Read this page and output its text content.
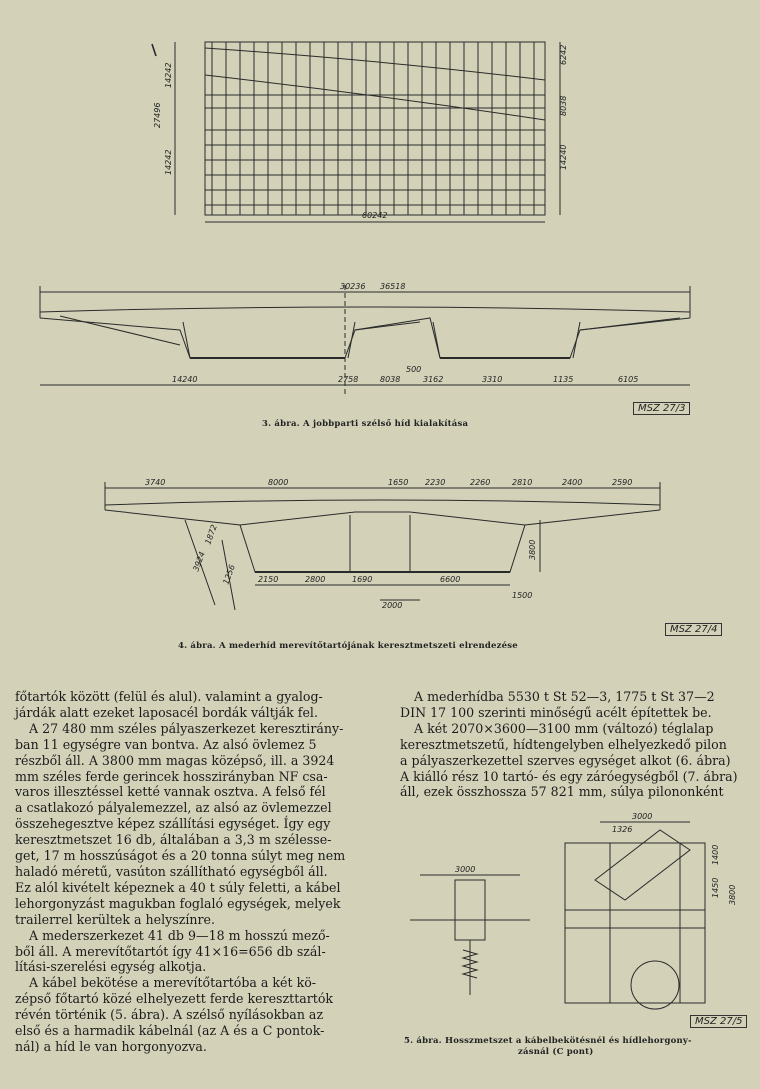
60242
6242
8038
14240
14242
27496
14242
30236 36518
14240	2758	8038
500
3162	3310	1135	6105
3740	8000	1650 2230	2260	2810	2400	2590
1872
3924
1256	2150	2800	1690	6600
1500
2000
3800
3000
1326
1400
1450
3000
3800
MSZ 27/3
3. ábra. A jobbparti szélső híd kialakítása
MSZ 27/4
4. ábra. A mederhíd merevítőtartójának keresztmetszeti elrendezése
MSZ 27/5
5. ábra. Hosszmetszet a kábelbekötésnél és hídlehorgony-
zásnál (C pont)

főtartók között (felül és alul). valamint a gyalog-

járdák alatt ezeket laposacél bordák váltják fel.

A 27 480 mm széles pályaszerkezet keresztirány-

ban 11 egységre van bontva. Az alsó övlemez 5

részből áll. A 3800 mm magas középső, ill. a 3924

mm széles ferde gerincek hosszirányban NF csa-

varos illesztéssel ketté vannak osztva. A felső fél

a csatlakozó pályalemezzel, az alsó az övlemezzel

összehegesztve képez szállítási egységet. Így egy

keresztmetszet 16 db, általában a 3,3 m szélesse-

get, 17 m hosszúságot és a 20 tonna súlyt meg nem

haladó méretű, vasúton szállítható egységből áll.

Ez alól kivételt képeznek a 40 t súly feletti, a kábel

lehorgonyzást magukban foglaló egységek, melyek

trailerrel kerültek a helyszínre.

A mederszerkezet 41 db 9—18 m hosszú mező-

ből áll. A merevítőtartót így 41×16=656 db szál-

lítási-szerelési egység alkotja.

A kábel bekötése a merevítőtartóba a két kö-

zépső főtartó közé elhelyezett ferde kereszttartók

révén történik (5. ábra). A szélső nyílásokban az

első és a harmadik kábelnál (az A és a C pontok-

nál) a híd le van horgonyozva.

A mederhídba 5530 t St 52—3, 1775 t St 37—2

DIN 17 100 szerinti minőségű acélt építettek be.

A két 2070×3600—3100 mm (változó) téglalap

keresztmetszetű, hídtengelyben elhelyezkedő pilon

a pályaszerkezettel szerves egységet alkot (6. ábra)

A kiálló rész 10 tartó- és egy záróegységből (7. ábra)

áll, ezek összhossza 57 821 mm, súlya pilononként
